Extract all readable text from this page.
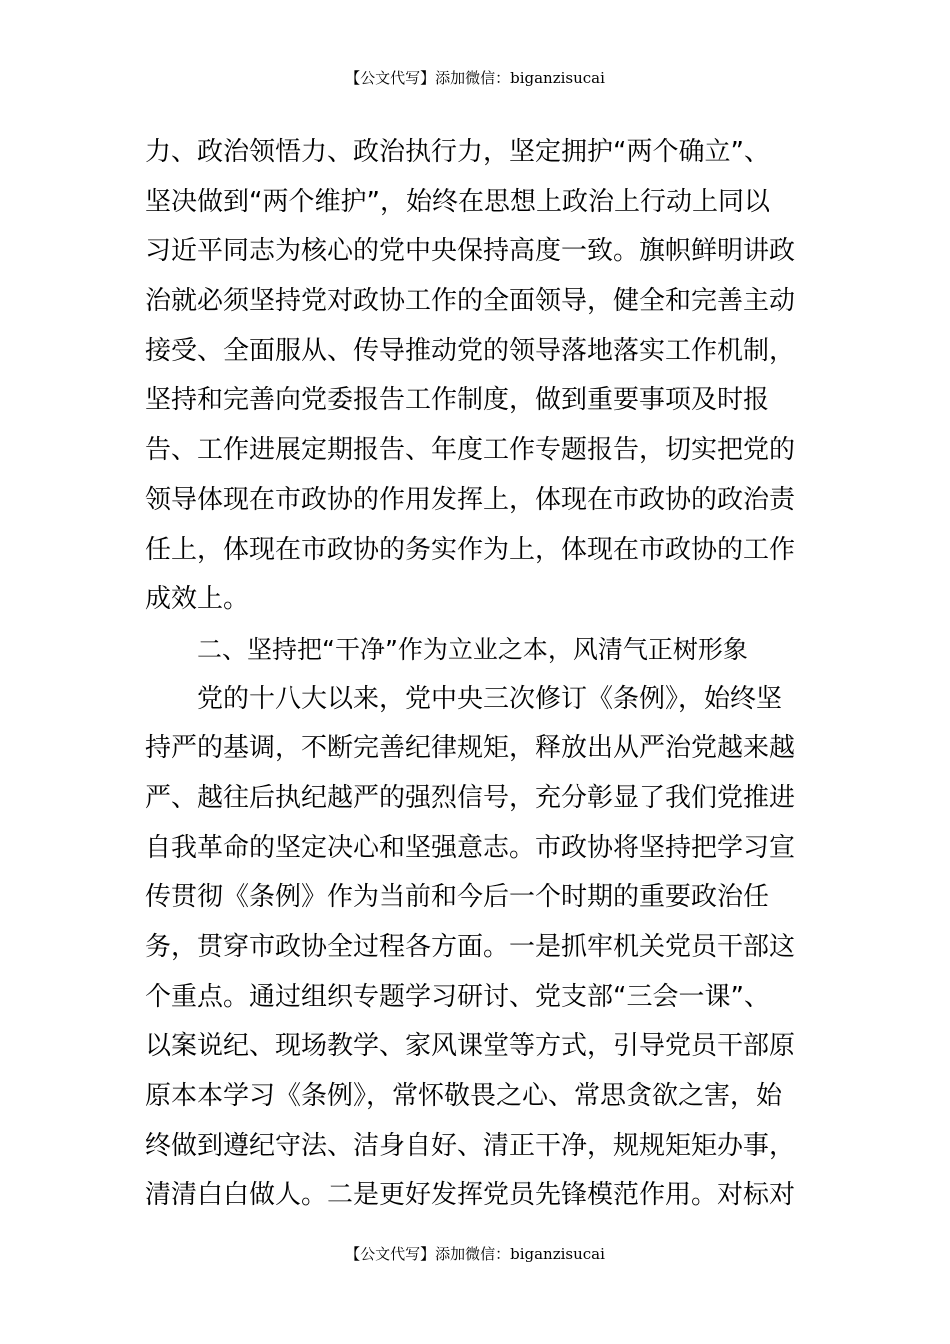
【公文代写】添加微信：biganzisucai
力、政治领悟力、政治执行力，坚定拥护“两个确立”、
坚决做到“两个维护”，始终在思想上政治上行动上同以
习近平同志为核心的党中央保持高度一致。旗帜鲜明讲政
治就必须坚持党对政协工作的全面领导，健全和完善主动
接受、全面服从、传导推动党的领导落地落实工作机制，
坚持和完善向党委报告工作制度，做到重要事项及时报
告、工作进展定期报告、年度工作专题报告，切实把党的
领导体现在市政协的作用发挥上，体现在市政协的政治责
任上，体现在市政协的务实作为上，体现在市政协的工作
成效上。
二、坚持把“干净”作为立业之本，风清气正树形象
党的十八大以来，党中央三次修订《条例》，始终坚
持严的基调，不断完善纪律规矩，释放出从严治党越来越
严、越往后执纪越严的强烈信号，充分彰显了我们党推进
自我革命的坚定决心和坚强意志。市政协将坚持把学习宣
传贯彻《条例》作为当前和今后一个时期的重要政治任
务，贯穿市政协全过程各方面。一是抓牢机关党员干部这
个重点。通过组织专题学习研讨、党支部“三会一课”、
以案说纪、现场教学、家风课堂等方式，引导党员干部原
原本本学习《条例》，常怀敬畏之心、常思贪欲之害，始
终做到遵纪守法、洁身自好、清正干净，规规矩矩办事，
清清白白做人。二是更好发挥党员先锋模范作用。对标对
【公文代写】添加微信：biganzisucai
